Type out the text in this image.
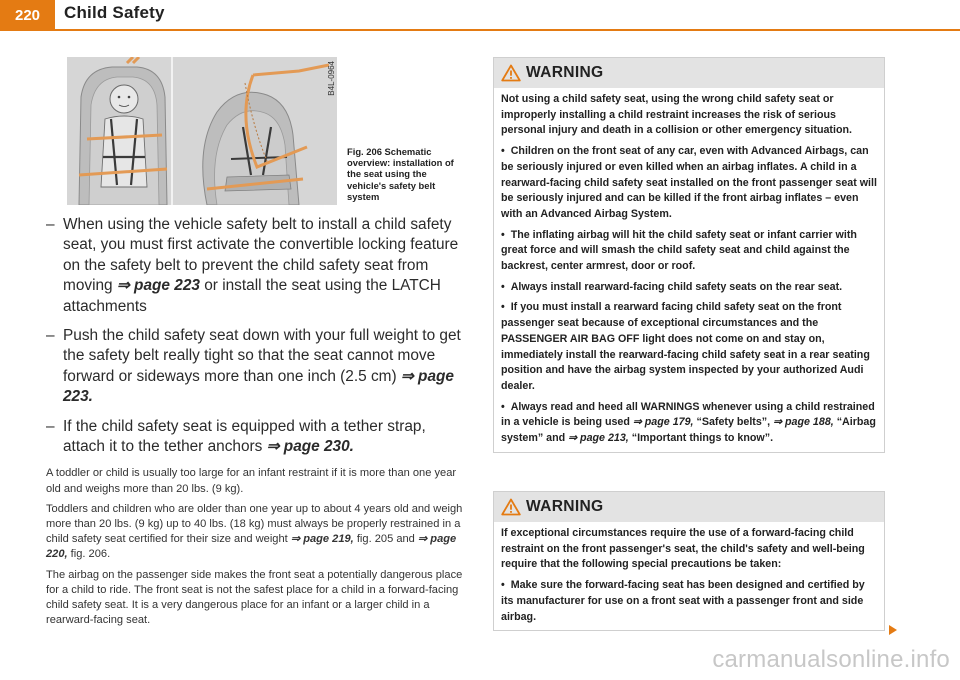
220	Child Safety
B4L-0964
Fig. 206 Schematic overview: installation of the seat using the vehicle's safety belt system
– When using the vehicle safety belt to install a child safety seat, you must first activate the convertible locking feature on the safety belt to prevent the child safety seat from moving ⇒ page 223 or install the seat using the LATCH attachments
– Push the child safety seat down with your full weight to get the safety belt really tight so that the seat cannot move forward or sideways more than one inch (2.5 cm) ⇒ page 223.
– If the child safety seat is equipped with a tether strap, attach it to the tether anchors ⇒ page 230.

A toddler or child is usually too large for an infant restraint if it is more than one year old and weighs more than 20 lbs. (9 kg).

Toddlers and children who are older than one year up to about 4 years old and weigh more than 20 lbs. (9 kg) up to 40 lbs. (18 kg) must always be properly restrained in a child safety seat certified for their size and weight ⇒ page 219, fig. 205 and ⇒ page 220, fig. 206.

The airbag on the passenger side makes the front seat a potentially dangerous place for a child to ride. The front seat is not the safest place for a child in a forward-facing child safety seat. It is a very dangerous place for an infant or a larger child in a rearward-facing seat.

WARNING

Not using a child safety seat, using the wrong child safety seat or improperly installing a child restraint increases the risk of serious personal injury and death in a collision or other emergency situation.

• Children on the front seat of any car, even with Advanced Airbags, can be seriously injured or even killed when an airbag inflates. A child in a rearward-facing child safety seat installed on the front passenger seat will be seriously injured and can be killed if the front airbag inflates – even with an Advanced Airbag System.

• The inflating airbag will hit the child safety seat or infant carrier with great force and will smash the child safety seat and child against the backrest, center armrest, door or roof.

• Always install rearward-facing child safety seats on the rear seat.

• If you must install a rearward facing child safety seat on the front passenger seat because of exceptional circumstances and the PASSENGER AIR BAG OFF light does not come on and stay on, immediately install the rearward-facing child safety seat in a rear seating position and have the airbag system inspected by your authorized Audi dealer.

• Always read and heed all WARNINGS whenever using a child restrained in a vehicle is being used ⇒ page 179, “Safety belts”, ⇒ page 188, “Airbag system” and ⇒ page 213, “Important things to know”.

WARNING

If exceptional circumstances require the use of a forward-facing child restraint on the front passenger's seat, the child's safety and well-being require that the following special precautions be taken:

• Make sure the forward-facing seat has been designed and certified by its manufacturer for use on a front seat with a passenger front and side airbag.

carmanualsonline.info
